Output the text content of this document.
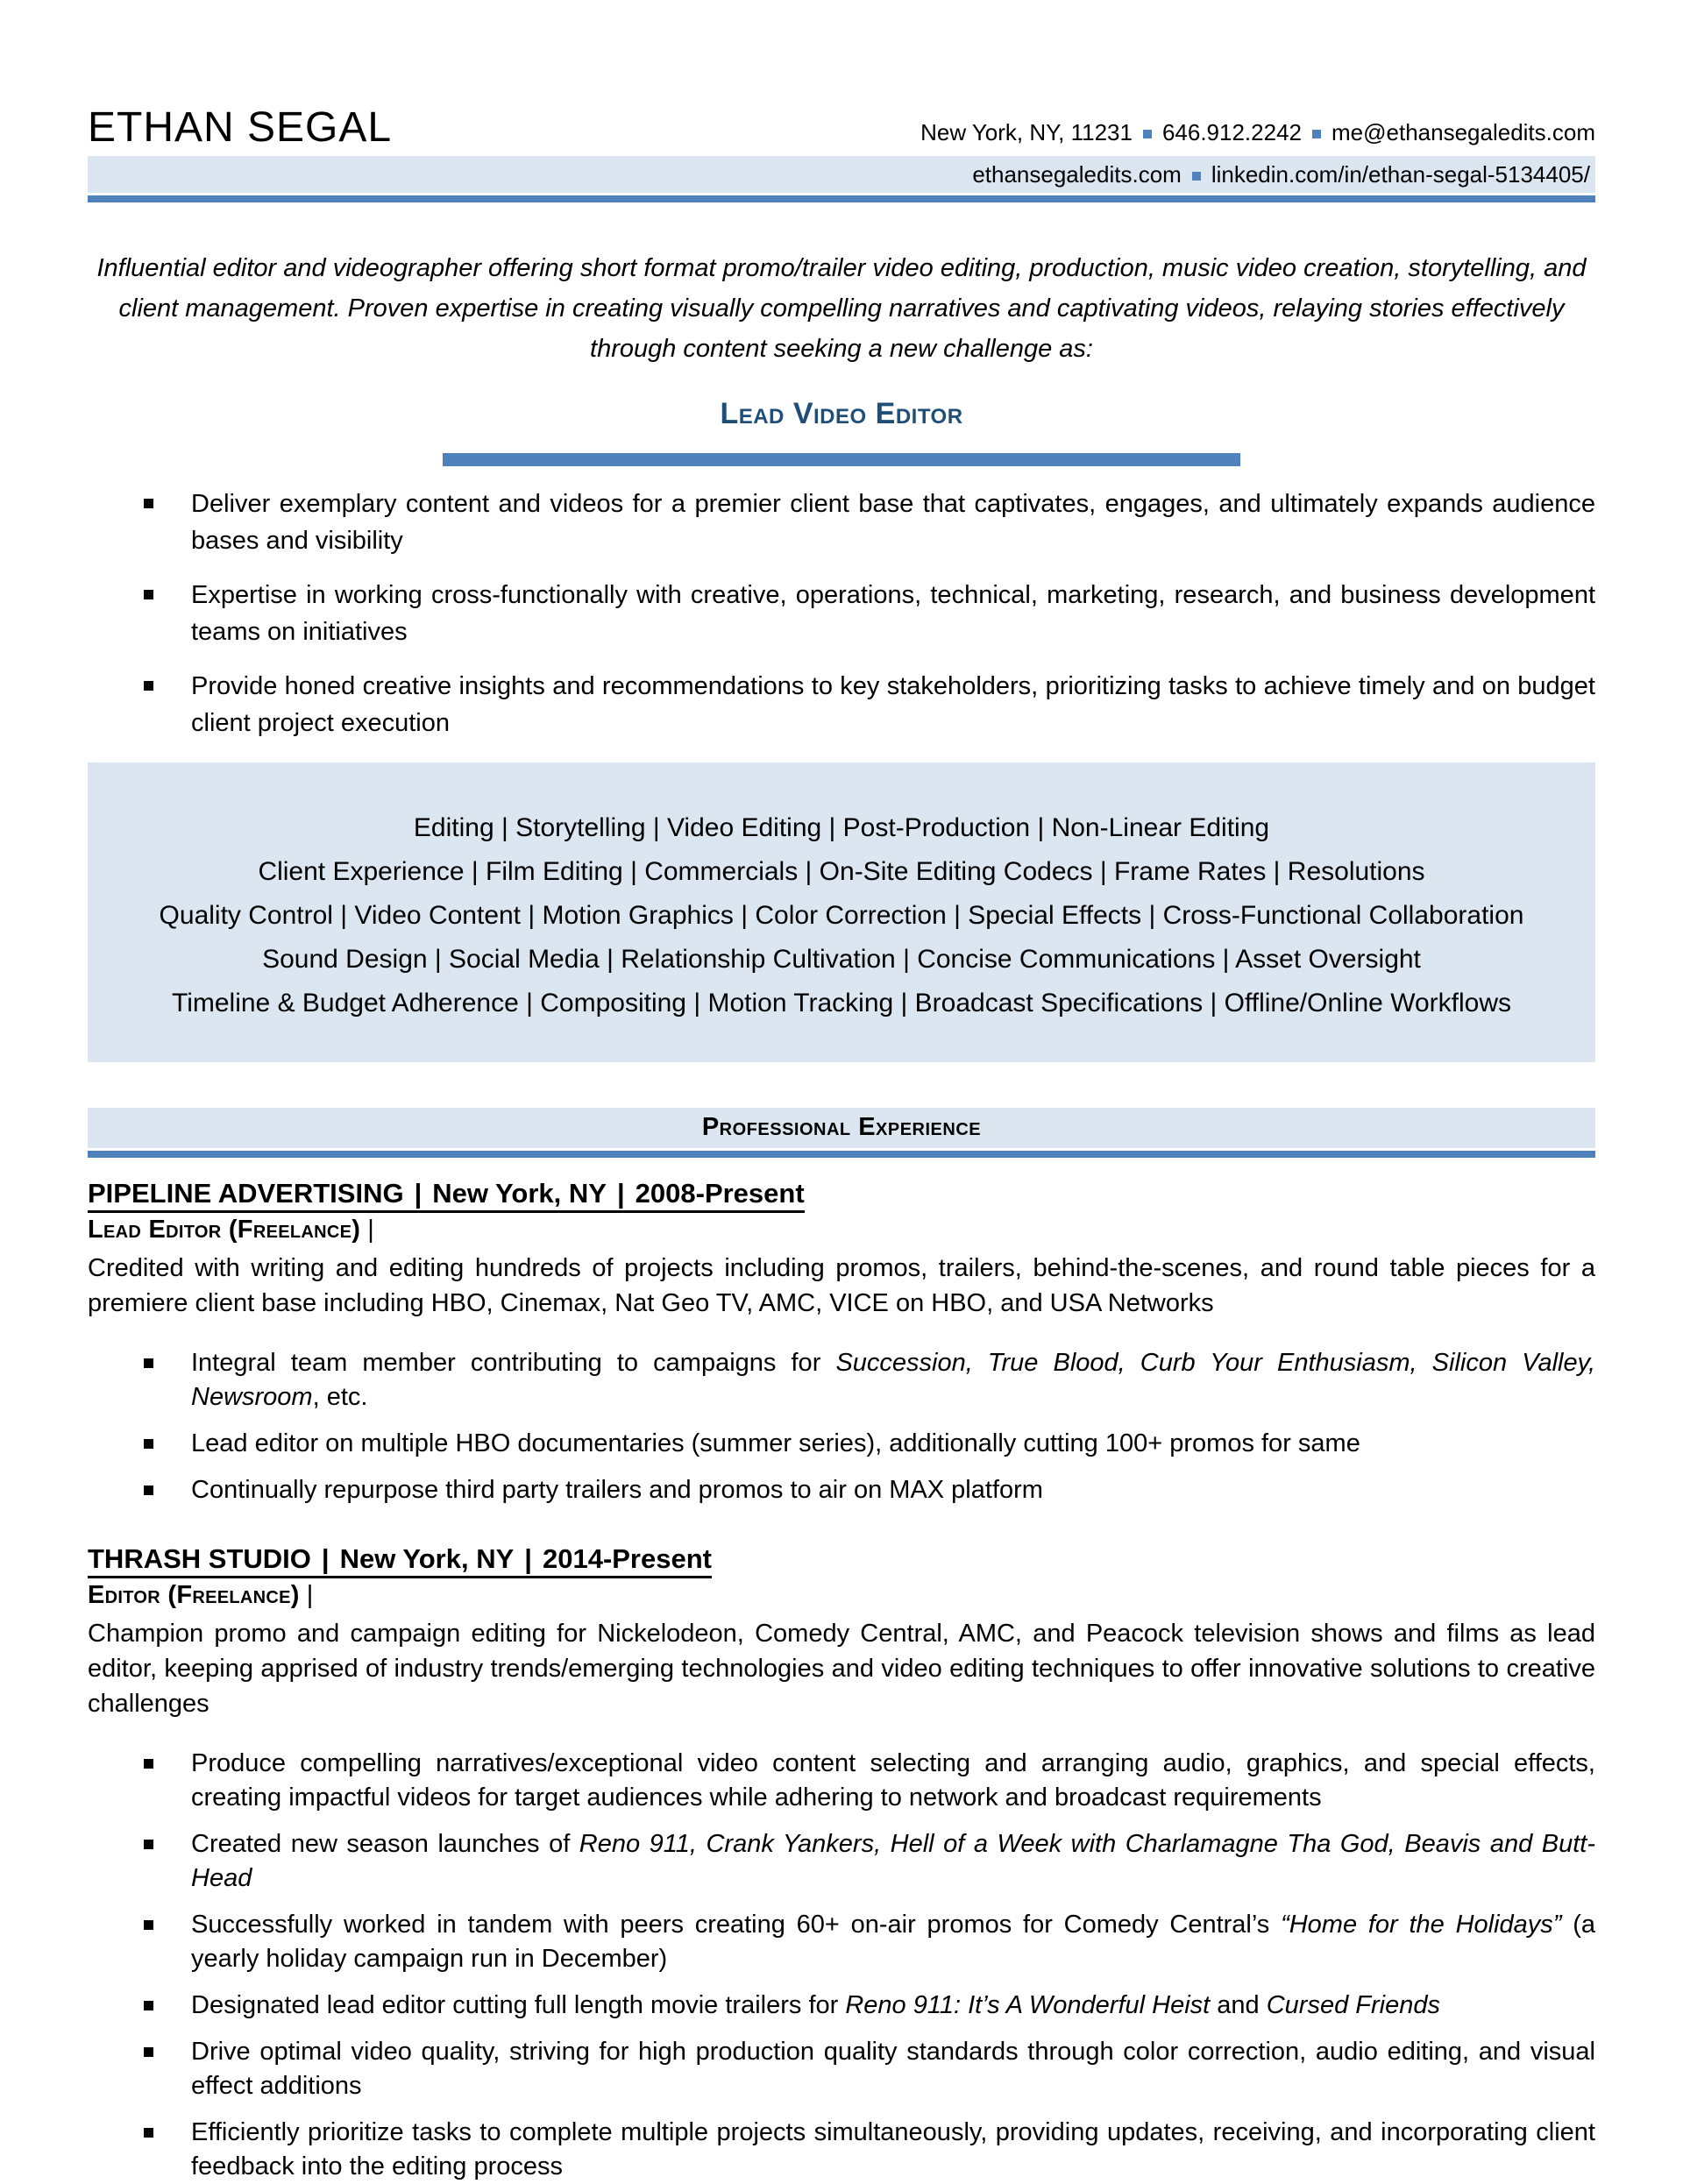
ETHAN SEGAL	New York, NY, 11231 646.912.2242 me@ethansegaledits.com
ethansegaledits.com linkedin.com/in/ethan-segal-5134405/

Influential editor and videographer offering short format promo/trailer video editing, production, music video creation, storytelling, and client management. Proven expertise in creating visually compelling narratives and captivating videos, relaying stories effectively through content seeking a new challenge as:

Lead Video Editor
Deliver exemplary content and videos for a premier client base that captivates, engages, and ultimately expands audience bases and visibility
Expertise in working cross-functionally with creative, operations, technical, marketing, research, and business development teams on initiatives
Provide honed creative insights and recommendations to key stakeholders, prioritizing tasks to achieve timely and on budget client project execution
Editing | Storytelling | Video Editing | Post-Production | Non-Linear Editing
Client Experience | Film Editing | Commercials | On-Site Editing Codecs | Frame Rates | Resolutions
Quality Control | Video Content | Motion Graphics | Color Correction | Special Effects | Cross-Functional Collaboration
Sound Design | Social Media | Relationship Cultivation | Concise Communications | Asset Oversight
Timeline & Budget Adherence | Compositing | Motion Tracking | Broadcast Specifications | Offline/Online Workflows
Professional Experience
PIPELINE ADVERTISING | New York, NY | 2008-Present
Lead Editor (Freelance) |

Credited with writing and editing hundreds of projects including promos, trailers, behind-the-scenes, and round table pieces for a premiere client base including HBO, Cinemax, Nat Geo TV, AMC, VICE on HBO, and USA Networks

Integral team member contributing to campaigns for Succession, True Blood, Curb Your Enthusiasm, Silicon Valley, Newsroom, etc.
Lead editor on multiple HBO documentaries (summer series), additionally cutting 100+ promos for same
Continually repurpose third party trailers and promos to air on MAX platform
THRASH STUDIO | New York, NY | 2014-Present
Editor (Freelance) |

Champion promo and campaign editing for Nickelodeon, Comedy Central, AMC, and Peacock television shows and films as lead editor, keeping apprised of industry trends/emerging technologies and video editing techniques to offer innovative solutions to creative challenges

Produce compelling narratives/exceptional video content selecting and arranging audio, graphics, and special effects, creating impactful videos for target audiences while adhering to network and broadcast requirements
Created new season launches of Reno 911, Crank Yankers, Hell of a Week with Charlamagne Tha God, Beavis and Butt-Head
Successfully worked in tandem with peers creating 60+ on-air promos for Comedy Central’s “Home for the Holidays” (a yearly holiday campaign run in December)
Designated lead editor cutting full length movie trailers for Reno 911: It’s A Wonderful Heist and Cursed Friends
Drive optimal video quality, striving for high production quality standards through color correction, audio editing, and visual effect additions
Efficiently prioritize tasks to complete multiple projects simultaneously, providing updates, receiving, and incorporating client feedback into the editing process
